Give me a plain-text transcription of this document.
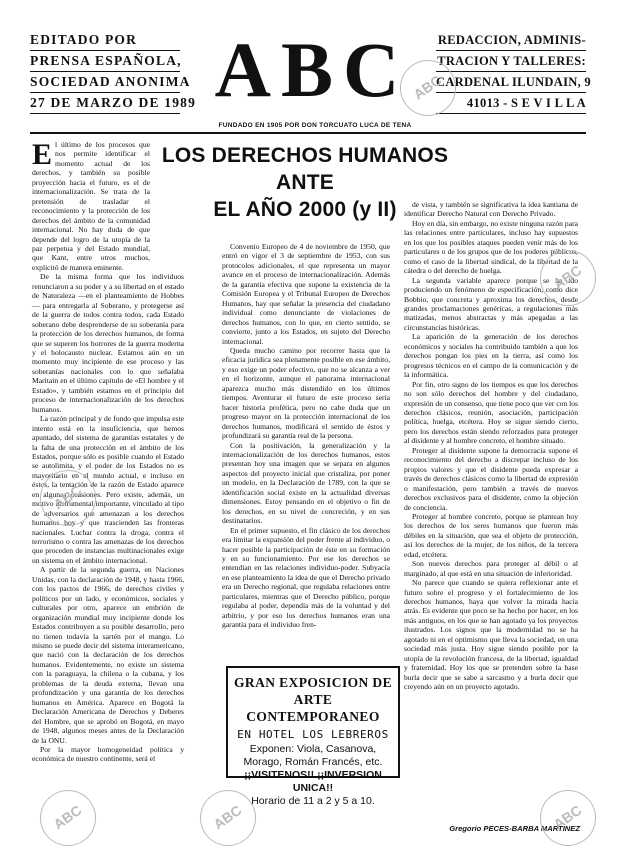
EDITADO POR
PRENSA ESPAÑOLA,
SOCIEDAD ANONIMA
27 DE MARZO DE 1989 ABC
FUNDADO EN 1905 POR DON TORCUATO LUCA DE TENA
REDACCION, ADMINIS-
TRACION Y TALLERES:
CARDENAL ILUNDAIN, 9
41013 - S E V I L L A
LOS DERECHOS HUMANOS ANTE
EL AÑO 2000 (y II)
E l último de los procesos que nos permite identificar el momento actual de los derechos, y también su posible proyección hacia el futuro, es el de internacionalización. Se trata de la pretensión de trasladar el reconocimiento y la protección de los derechos del ámbito de la comunidad internacional. No hay duda de que depende del logro de la utopía de la paz perpetua y del Estado mundial, que Kant, entre otros muchos, explicitó de manera eminente.

De la misma forma que los individuos renunciaron a su poder y a su libertad en el estado de Naturaleza —en el planteamiento de Hobbes— para entregarla al Soberano, y protegerse así de la guerra de todos contra todos, cada Estado soberano debe desprenderse de su soberanía para la protección de los derechos humanos, de forma que se superen los horrores de la guerra moderna y el holocausto nuclear. Estamos aún en un momento muy incipiente de ese proceso y las soberanías nacionales con lo que señalaba Maritain en el último capítulo de «El hombre y el Estado», y también estamos en el principio del proceso de internacionalización de los derechos humanos.

La razón principal y de fondo que impulsa este intento está en la insuficiencia, que hemos apuntado, del sistema de garantías estatales y de la falta de una protección en el ámbito de los Estados, porque sólo es posible cuando el Estado se autolimita, y el poder de los Estados no es mayoritario en el mundo actual, e incluso en éstos, la tentación de la razón de Estado aparece en algunas ocasiones. Pero existe, además, un motivo instrumental importante, vinculado al tipo de adversarios que amenazan a los derechos humanos hoy y que trascienden las fronteras nacionales. Luchar contra la droga, contra el terrorismo o contra las amenazas de los derechos que proceden de instancias multinacionales exige un sistema en el ámbito internacional.

A partir de la segunda guerra, en Naciones Unidas, con la declaración de 1948, y hasta 1966, con los pactos de 1966, de derechos civiles y políticos por un lado, y económicos, sociales y culturales por otro, aparece un embrión de organización mundial muy incipiente donde los Estados contribuyen a su posible desarrollo, pero no tienen todavía la sartén por el mango. Lo mismo se puede decir del sistema interamericano, que nació con la declaración de los derechos humanos. Evidentemente, no existe un sistema con la paraguaya, la chilena o la cubana, y los problemas de la deuda externa, llevan una profundización y una garantía de los derechos humanos en América. Aparece en Bogotá la Declaración Americana de Derechos y Deberes del Hombre, que se aprobó en Bogotá, en mayo de 1948, algunos meses antes de la Declaración de la ONU.

Por la mayor homogeneidad política y económica de nuestro continente, será el

Convenio Europeo de 4 de noviembre de 1950, que entró en vigor el 3 de septiembre de 1953, con sus protocolos adicionales, el que representa un mayor avance en el proceso de internacionalización. Además de la garantía efectiva que supone la existencia de la Comisión Europea y el Tribunal Europeo de Derechos Humanos, hay que señalar la presencia del ciudadano individual como denunciante de violaciones de derechos humanos, con lo que, en cierto sentido, se convierte, junto a los Estados, en sujeto del Derecho internacional.

Queda mucho camino por recorrer hasta que la eficacia jurídica sea plenamente posible en ese ámbito, y eso exige un poder efectivo, que no se alcanza a ver en el horizonte, aunque el panorama internacional aparezca mucho más distendido en los últimos tiempos. Aventurar el futuro de este proceso sería hacer historia profética, pero no cabe duda que un progreso mayor en la protección internacional de los derechos humanos, modificará el sentido de éstos y profundizará su garantía real de la persona.

Con la positivación, la generalización y la internacionalización de los derechos humanos, estos presentan hoy una imagen que se separa en algunos aspectos del proyecto inicial que cristaliza, por poner un modelo, en la Declaración de 1789, con la que se identificación social existe en la actualidad diversas dimensiones. Estoy pensando en el objetivo o fin de los derechos, en su nivel de concreción, y en sus destinatarios.

En el primer supuesto, el fin clásico de los derechos era limitar la expansión del poder frente al individuo, o hacer posible la participación de éste en su formación y en su funcionamiento. Por ese los derechos se entendían en las relaciones individuo-poder. Subyacía en ese planteamiento la idea de que el Derecho privado era un Derecho regional, que regulaba relaciones entre particulares, mientras que el Derecho público, porque regulaba al poder, dependía más de la voluntad y del arbitrio, y por eso los derechos humanos eran una garantía para el individuo fren-

de vista, y también se significativa la idea kantiana de identificar Derecho Natural con Derecho Privado.

Hoy en día, sin embargo, no existe ninguna razón para las relaciones entre particulares, incluso hay supuestos en los que los posibles ataques pueden venir más de los particulares o de los grupos que de los poderes públicos, como el caso de la libertad sindical, de la libertad de la cátedra o del derecho de huelga.

La segunda variable aparece porque se ha ido produciendo un fenómeno de especificación, como dice Bobbio, que concreta y aproxima los derechos, desde grandes proclamaciones genéricas, a regulaciones más matizadas, menos abstractas y más apegadas a las circunstancias históricas.

La aparición de la generación de los derechos económicos y sociales ha contribuido también a que los derechos pongan los pies en la tierra, así como los progresos técnicos en el campo de la comunicación y de la informática.

Por fin, otro signo de los tiempos es que los derechos no son sólo derechos del hombre y del ciudadano, expresión de un consenso, que tiene poco que ver con los derechos clásicos, reunión, asociación, participación política, huelga, etcétera. Hoy se sigue siendo cierto, pero los derechos están siendo reforzados para proteger al disidente y al hombre concreto, el hombre situado.

Proteger al disidente supone la democracia supone el reconocimiento del derecho a discrepar incluso de los propios valores y que el disidente pueda expresar a través de derechos clásicos como la libertad de expresión o manifestación, pero también a través de nuevos derechos exclusivos para el disidente, como la objeción de conciencia.

Proteger al hombre concreto, porque se plantean hoy los derechos de los seres humanos que fueron más débiles en la situación, que sea el objeto de protección, así los derechos de la mujer, de los niños, de la tercera edad, etcétera.

Son nuevos derechos para proteger al débil o al marginado, al que está en una situación de inferioridad.

No parece que cuando se quiera reflexionar ante el futuro sobre el progreso y el fortalecimiento de los derechos humanos, haya que volver la mirada hacia atrás. Es evidente que poco se ha hecho por hacer, en los más antiguos, en los que se han agotado ya los proyectos ilustrados. Los signos que la modernidad no se ha agotado ni en el optimismo que lleva la sociedad, en una sociedad más justa. Hoy sigue siendo posible por la utopía de la revolución francesa, de la libertad, igualdad y fraternidad. Hoy los que se pretenden sobre la base burla decir que se sabe a sarcasmo y a burla decir que creyendo aún en un proyecto agotado.

GRAN EXPOSICION DE
ARTE CONTEMPORANEO
EN HOTEL LOS LEBREROS
Exponen: Viola, Casanova,
Morago, Román Francés, etc.
¡¡VISITENOS!! ¡¡INVERSION UNICA!!
Horario de 11 a 2 y 5 a 10.
Gregorio PECES-BARBA MARTINEZ
ABC
ABC
ABC
ABC	ABC	ABC
